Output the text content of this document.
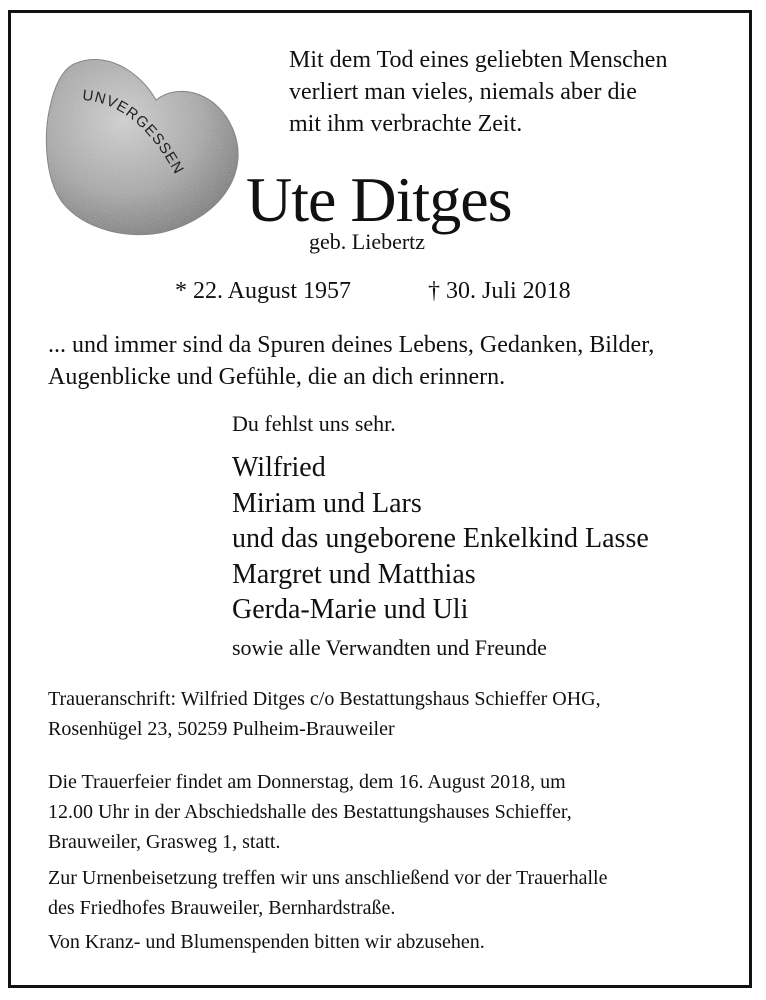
UNVERGESSEN
Mit dem Tod eines geliebten Menschen
verliert man vieles, niemals aber die
mit ihm verbrachte Zeit.
Ute Ditges
geb. Liebertz
* 22. August 1957	† 30. Juli 2018
... und immer sind da Spuren deines Lebens, Gedanken, Bilder,
Augenblicke und Gefühle, die an dich erinnern.
Du fehlst uns sehr.
Wilfried
Miriam und Lars
und das ungeborene Enkelkind Lasse
Margret und Matthias
Gerda-Marie und Uli
sowie alle Verwandten und Freunde
Traueranschrift: Wilfried Ditges c/o Bestattungshaus Schieffer OHG,
Rosenhügel 23, 50259 Pulheim-Brauweiler

Die Trauerfeier findet am Donnerstag, dem 16. August 2018, um
12.00 Uhr in der Abschiedshalle des Bestattungshauses Schieffer,
Brauweiler, Grasweg 1, statt.

Zur Urnenbeisetzung treffen wir uns anschließend vor der Trauerhalle
des Friedhofes Brauweiler, Bernhardstraße.

Von Kranz- und Blumenspenden bitten wir abzusehen.
